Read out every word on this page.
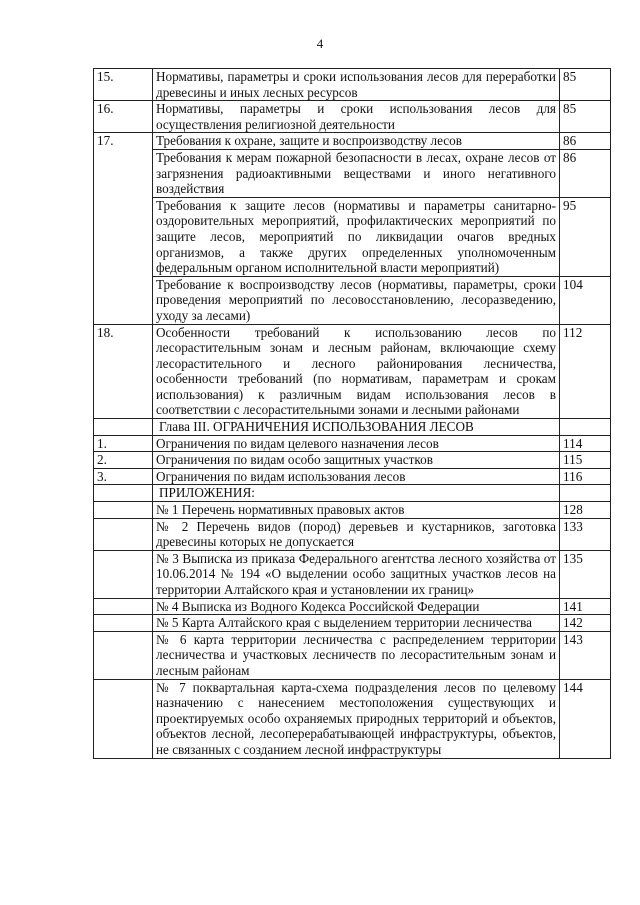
4
15.	Нормативы, параметры и сроки использования лесов для переработки древесины и иных лесных ресурсов	85
16.	Нормативы, параметры и сроки использования лесов для осуществления религиозной деятельности	85
17.	Требования к охране, защите и воспроизводству лесов	86
	Требования к мерам пожарной безопасности в лесах, охране лесов от загрязнения радиоактивными веществами и иного негативного воздействия	86
	Требования к защите лесов (нормативы и параметры санитарно-оздоровительных мероприятий, профилактических мероприятий по защите лесов, мероприятий по ликвидации очагов вредных организмов, а также других определенных уполномоченным федеральным органом исполнительной власти мероприятий)	95
	Требование к воспроизводству лесов (нормативы, параметры, сроки проведения мероприятий по лесовосстановлению, лесоразведению, уходу за лесами)	104
18.	Особенности требований к использованию лесов по лесорастительным зонам и лесным районам, включающие схему лесорастительного и лесного районирования лесничества, особенности требований (по нормативам, параметрам и срокам использования) к различным видам использования лесов в соответствии с лесорастительными зонами и лесными районами	112
	Глава III. ОГРАНИЧЕНИЯ ИСПОЛЬЗОВАНИЯ ЛЕСОВ	
1.	Ограничения по видам целевого назначения лесов	114
2.	Ограничения по видам особо защитных участков	115
3.	Ограничения по видам использования лесов	116
	ПРИЛОЖЕНИЯ:	
	№ 1 Перечень нормативных правовых актов	128
	№ 2 Перечень видов (пород) деревьев и кустарников, заготовка древесины которых не допускается	133
	№ 3 Выписка из приказа Федерального агентства лесного хозяйства от 10.06.2014 № 194 «О выделении особо защитных участков лесов на территории Алтайского края и установлении их границ»	135
	№ 4 Выписка из Водного Кодекса Российской Федерации	141
	№ 5 Карта Алтайского края с выделением территории лесничества	142
	№ 6 карта территории лесничества с распределением территории лесничества и участковых лесничеств по лесорастительным зонам и лесным районам	143
	№ 7 поквартальная карта-схема подразделения лесов по целевому назначению с нанесением местоположения существующих и проектируемых особо охраняемых природных территорий и объектов, объектов лесной, лесоперерабатывающей инфраструктуры, объектов, не связанных с созданием лесной инфраструктуры	144
